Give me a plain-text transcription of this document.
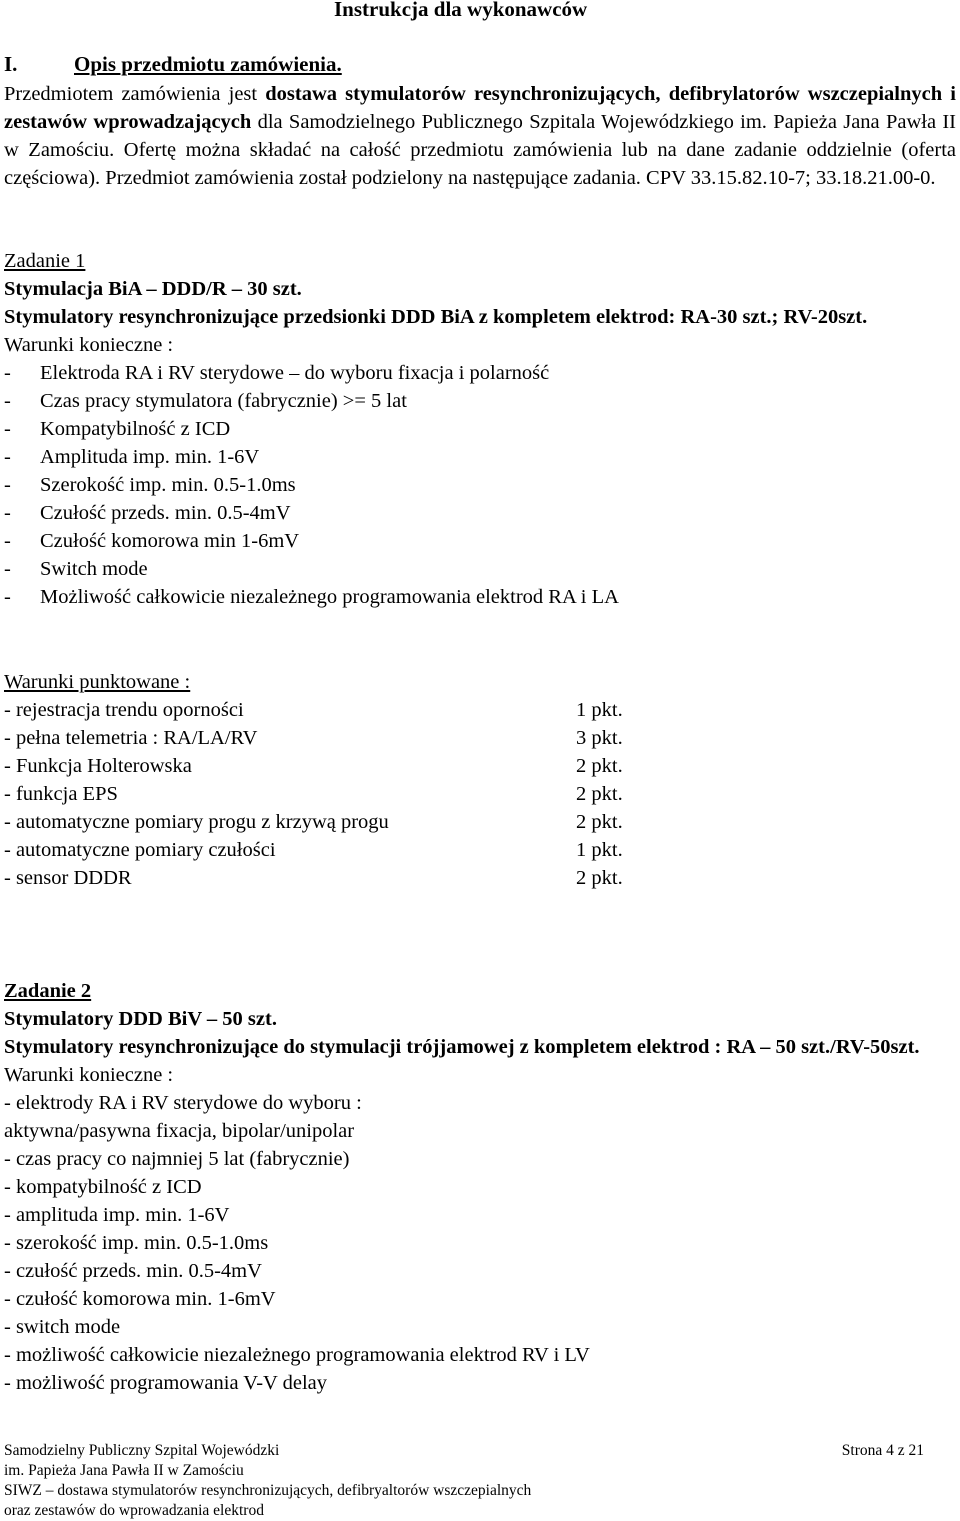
Instrukcja dla wykonawców
I.	Opis przedmiotu zamówienia.
Przedmiotem zamówienia jest dostawa stymulatorów resynchronizujących, defibrylatorów wszczepialnych i zestawów wprowadzających dla Samodzielnego Publicznego Szpitala Wojewódzkiego im. Papieża Jana Pawła II w Zamościu. Ofertę można składać na całość przedmiotu zamówienia lub na dane zadanie oddzielnie (oferta częściowa). Przedmiot zamówienia został podzielony na następujące zadania. CPV 33.15.82.10-7; 33.18.21.00-0.
Zadanie 1
Stymulacja BiA – DDD/R – 30 szt.
Stymulatory resynchronizujące przedsionki DDD BiA z kompletem elektrod: RA-30 szt.; RV-20szt.
Warunki konieczne :
- Elektroda RA i RV sterydowe – do wyboru fixacja i polarność
- Czas pracy stymulatora (fabrycznie) >= 5 lat
- Kompatybilność z ICD
- Amplituda imp. min. 1-6V
- Szerokość imp. min. 0.5-1.0ms
- Czułość przeds. min. 0.5-4mV
- Czułość komorowa min 1-6mV
- Switch mode
- Możliwość całkowicie niezależnego programowania elektrod RA i LA
Warunki punktowane :
- rejestracja trendu oporności	1 pkt.
- pełna telemetria : RA/LA/RV	3 pkt.
- Funkcja Holterowska	2 pkt.
- funkcja EPS	2 pkt.
- automatyczne pomiary progu z krzywą progu	2 pkt.
- automatyczne pomiary czułości	1 pkt.
- sensor DDDR	2 pkt.
Zadanie 2
Stymulatory DDD BiV – 50 szt.
Stymulatory resynchronizujące do stymulacji trójjamowej z kompletem elektrod : RA – 50 szt./RV-50szt.
Warunki konieczne :
- elektrody RA i RV sterydowe do wyboru :
aktywna/pasywna fixacja, bipolar/unipolar
- czas pracy co najmniej 5 lat (fabrycznie)
- kompatybilność z ICD
- amplituda imp. min. 1-6V
- szerokość imp. min. 0.5-1.0ms
- czułość przeds. min. 0.5-4mV
- czułość komorowa min. 1-6mV
- switch mode
- możliwość całkowicie niezależnego programowania elektrod RV i LV
- możliwość programowania V-V delay
Samodzielny Publiczny Szpital Wojewódzki	Strona 4 z 21
im. Papieża Jana Pawła II w Zamościu
SIWZ – dostawa stymulatorów resynchronizujących, defibryaltorów wszczepialnych
oraz zestawów do wprowadzania elektrod
